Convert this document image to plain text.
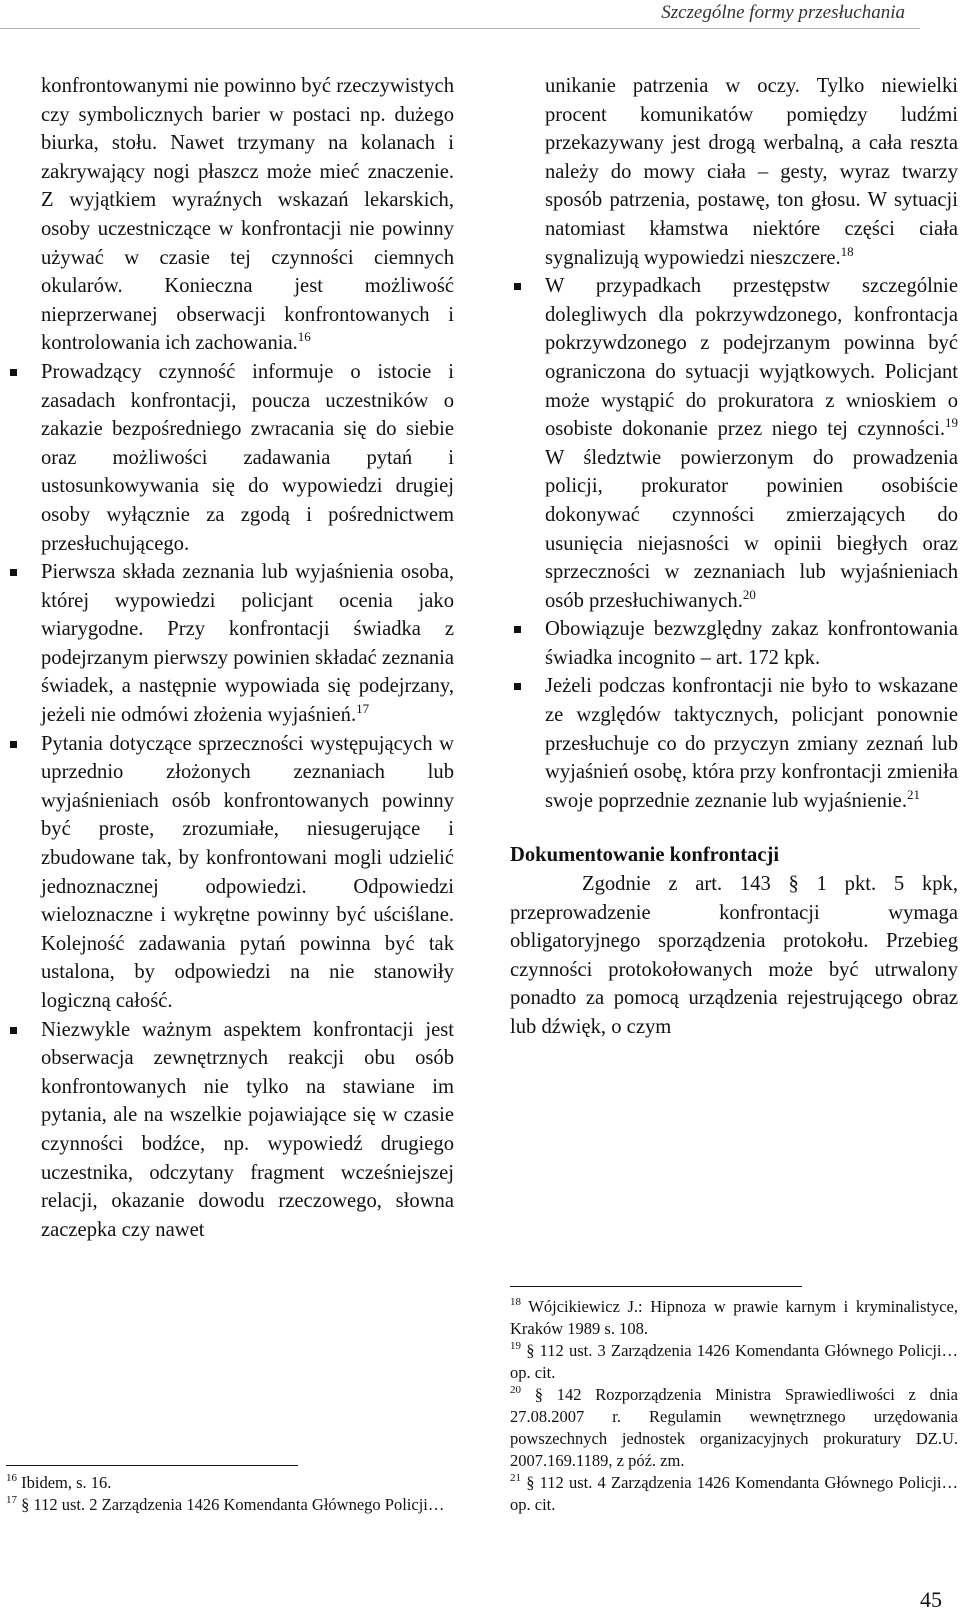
Szczególne formy przesłuchania

konfrontowanymi nie powinno być rzeczywistych czy symbolicznych barier w postaci np. dużego biurka, stołu. Nawet trzymany na kolanach i zakrywający nogi płaszcz może mieć znaczenie. Z wyjątkiem wyraźnych wskazań lekarskich, osoby uczestniczące w konfrontacji nie powinny używać w czasie tej czynności ciemnych okularów. Konieczna jest możliwość nieprzerwanej obserwacji konfrontowanych i kontrolowania ich zachowania.$^{16}$

Prowadzący czynność informuje o istocie i zasadach konfrontacji, poucza uczestników o zakazie bezpośredniego zwracania się do siebie oraz możliwości zadawania pytań i ustosunkowywania się do wypowiedzi drugiej osoby wyłącznie za zgodą i pośrednictwem przesłuchującego.

Pierwsza składa zeznania lub wyjaśnienia osoba, której wypowiedzi policjant ocenia jako wiarygodne. Przy konfrontacji świadka z podejrzanym pierwszy powinien składać zeznania świadek, a następnie wypowiada się podejrzany, jeżeli nie odmówi złożenia wyjaśnień.$^{17}$

Pytania dotyczące sprzeczności występujących w uprzednio złożonych zeznaniach lub wyjaśnieniach osób konfrontowanych powinny być proste, zrozumiałe, niesugerujące i zbudowane tak, by konfrontowani mogli udzielić jednoznacznej odpowiedzi. Odpowiedzi wieloznaczne i wykrętne powinny być uściślane. Kolejność zadawania pytań powinna być tak ustalona, by odpowiedzi na nie stanowiły logiczną całość.

Niezwykle ważnym aspektem konfrontacji jest obserwacja zewnętrznych reakcji obu osób konfrontowanych nie tylko na stawiane im pytania, ale na wszelkie pojawiające się w czasie czynności bodźce, np. wypowiedź drugiego uczestnika, odczytany fragment wcześniejszej relacji, okazanie dowodu rzeczowego, słowna zaczepka czy nawet

$^{16}$ Ibidem, s. 16.

$^{17}$ § 112 ust. 2 Zarządzenia 1426 Komendanta Głównego Policji…

unikanie patrzenia w oczy. Tylko niewielki procent komunikatów pomiędzy ludźmi przekazywany jest drogą werbalną, a cała reszta należy do mowy ciała – gesty, wyraz twarzy sposób patrzenia, postawę, ton głosu. W sytuacji natomiast kłamstwa niektóre części ciała sygnalizują wypowiedzi nieszczere.$^{18}$

W przypadkach przestępstw szczególnie dolegliwych dla pokrzywdzonego, konfrontacja pokrzywdzonego z podejrzanym powinna być ograniczona do sytuacji wyjątkowych. Policjant może wystąpić do prokuratora z wnioskiem o osobiste dokonanie przez niego tej czynności.$^{19}$ W śledztwie powierzonym do prowadzenia policji, prokurator powinien osobiście dokonywać czynności zmierzających do usunięcia niejasności w opinii biegłych oraz sprzeczności w zeznaniach lub wyjaśnieniach osób przesłuchiwanych.$^{20}$

Obowiązuje bezwzględny zakaz konfrontowania świadka incognito – art. 172 kpk.

Jeżeli podczas konfrontacji nie było to wskazane ze względów taktycznych, policjant ponownie przesłuchuje co do przyczyn zmiany zeznań lub wyjaśnień osobę, która przy konfrontacji zmieniła swoje poprzednie zeznanie lub wyjaśnienie.$^{21}$

Dokumentowanie konfrontacji

Zgodnie z art. 143 § 1 pkt. 5 kpk, przeprowadzenie konfrontacji wymaga obligatoryjnego sporządzenia protokołu. Przebieg czynności protokołowanych może być utrwalony ponadto za pomocą urządzenia rejestrującego obraz lub dźwięk, o czym

$^{18}$ Wójcikiewicz J.: Hipnoza w prawie karnym i kryminalistyce, Kraków 1989 s. 108.

$^{19}$ § 112 ust. 3 Zarządzenia 1426 Komendanta Głównego Policji… op. cit.

$^{20}$ § 142 Rozporządzenia Ministra Sprawiedliwości z dnia 27.08.2007 r. Regulamin wewnętrznego urzędowania powszechnych jednostek organizacyjnych prokuratury DZ.U. 2007.169.1189, z póź. zm.

$^{21}$ § 112 ust. 4 Zarządzenia 1426 Komendanta Głównego Policji… op. cit.

45
